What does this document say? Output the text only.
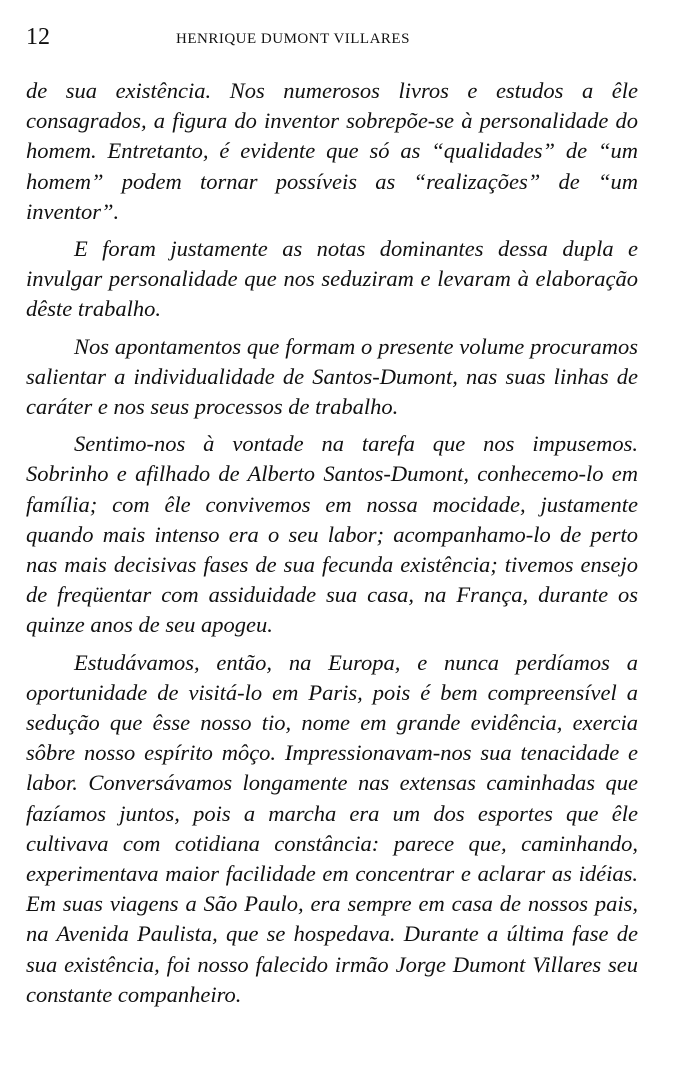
12	HENRIQUE DUMONT VILLARES

de sua existência. Nos numerosos livros e estudos a êle consagrados, a figura do inventor sobrepõe-se à personalidade do homem. Entretanto, é evidente que só as “qualidades” de “um homem” podem tornar possíveis as “realizações” de “um inventor”.

E foram justamente as notas dominantes dessa dupla e invulgar personalidade que nos seduziram e levaram à elaboração dêste trabalho.

Nos apontamentos que formam o presente volume procuramos salientar a individualidade de Santos-Dumont, nas suas linhas de caráter e nos seus processos de trabalho.

Sentimo-nos à vontade na tarefa que nos impusemos. Sobrinho e afilhado de Alberto Santos-Dumont, conhecemo-lo em família; com êle convivemos em nossa mocidade, justamente quando mais intenso era o seu labor; acompanhamo-lo de perto nas mais decisivas fases de sua fecunda existência; tivemos ensejo de freqüentar com assiduidade sua casa, na França, durante os quinze anos de seu apogeu.

Estudávamos, então, na Europa, e nunca perdíamos a oportunidade de visitá-lo em Paris, pois é bem compreensível a sedução que êsse nosso tio, nome em grande evidência, exercia sôbre nosso espírito môço. Impressionavam-nos sua tenacidade e labor. Conversávamos longamente nas extensas caminhadas que fazíamos juntos, pois a marcha era um dos esportes que êle cultivava com cotidiana constância: parece que, caminhando, experimentava maior facilidade em concentrar e aclarar as idéias. Em suas viagens a São Paulo, era sempre em casa de nossos pais, na Avenida Paulista, que se hospedava. Durante a última fase de sua existência, foi nosso falecido irmão Jorge Dumont Villares seu constante companheiro.
